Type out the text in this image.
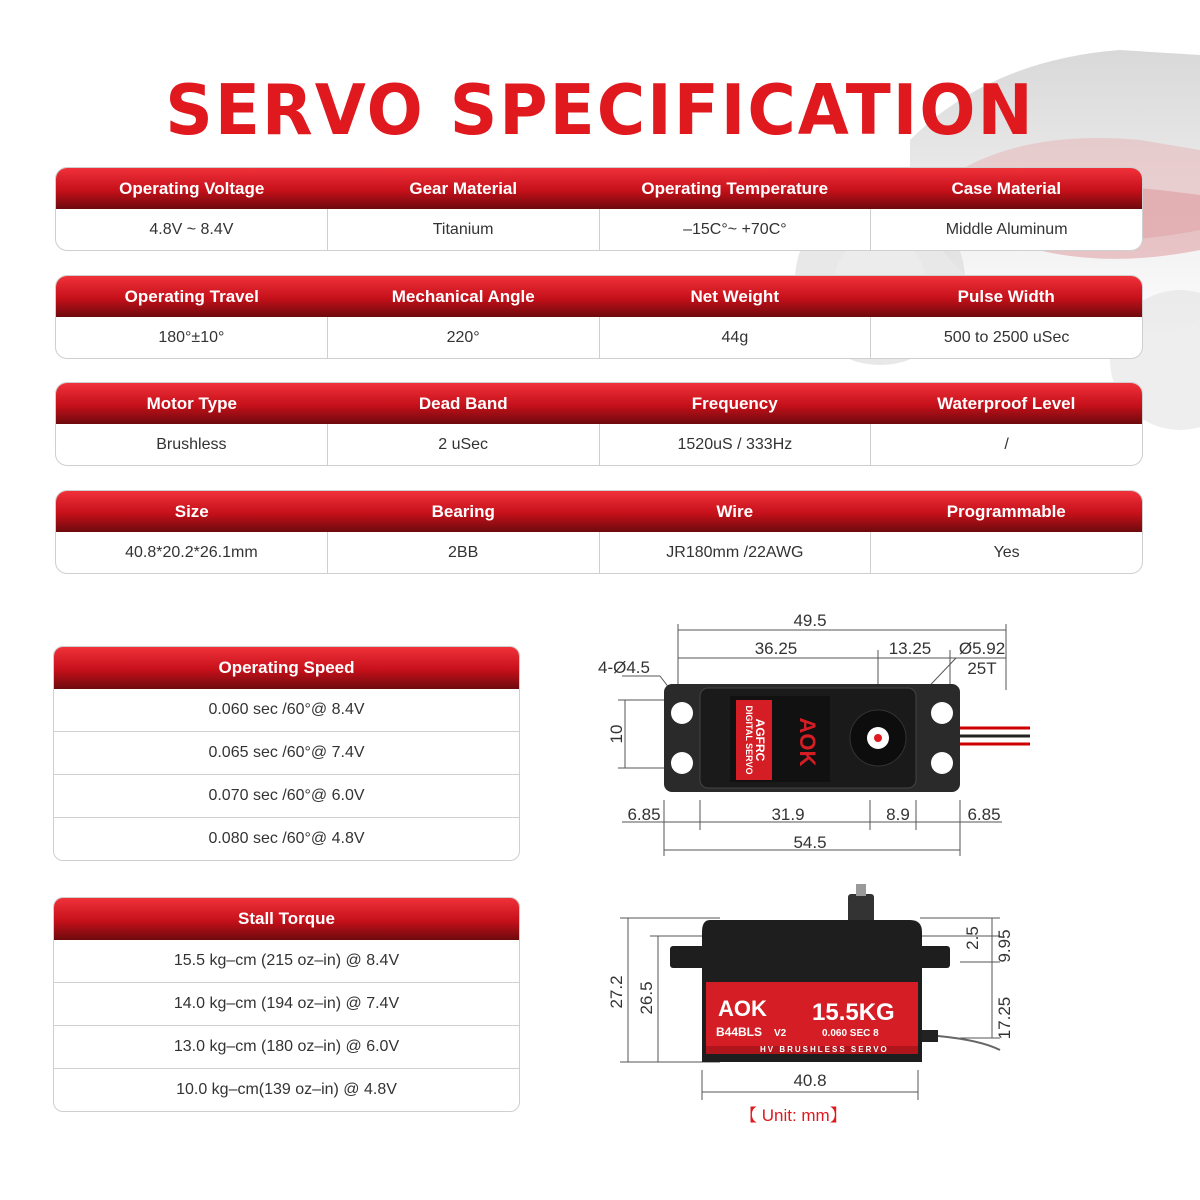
SERVO SPECIFICATION
Operating Voltage	Gear Material	Operating Temperature	Case Material
4.8V ~ 8.4V	Titanium	–15C°~ +70C°	Middle Aluminum
Operating Travel	Mechanical Angle	Net Weight	Pulse Width
180°±10°	220°	44g	500 to 2500 uSec
Motor Type	Dead Band	Frequency	Waterproof Level
Brushless	2 uSec	1520uS / 333Hz	/
Size	Bearing	Wire	Programmable
40.8*20.2*26.1mm	2BB	JR180mm /22AWG	Yes
Operating Speed
0.060 sec /60°@ 8.4V
0.065 sec /60°@ 7.4V
0.070 sec /60°@ 6.0V
0.080 sec /60°@ 4.8V
Stall Torque
15.5 kg–cm (215 oz–in) @ 8.4V
14.0 kg–cm (194 oz–in) @ 7.4V
13.0 kg–cm (180 oz–in) @ 6.0V
10.0 kg–cm(139 oz–in) @ 4.8V
AOK
AGFRC
DIGITAL SERVO
49.5
36.25	13.25
4-Ø4.5
Ø5.92
25T
10
6.85	31.9	8.9	6.85
54.5
AOK 15.5KG
B44BLS V2	0.060 SEC 8
HV BRUSHLESS SERVO
27.2 26.5
2.5 9.95
17.25
40.8
【 Unit: mm】
